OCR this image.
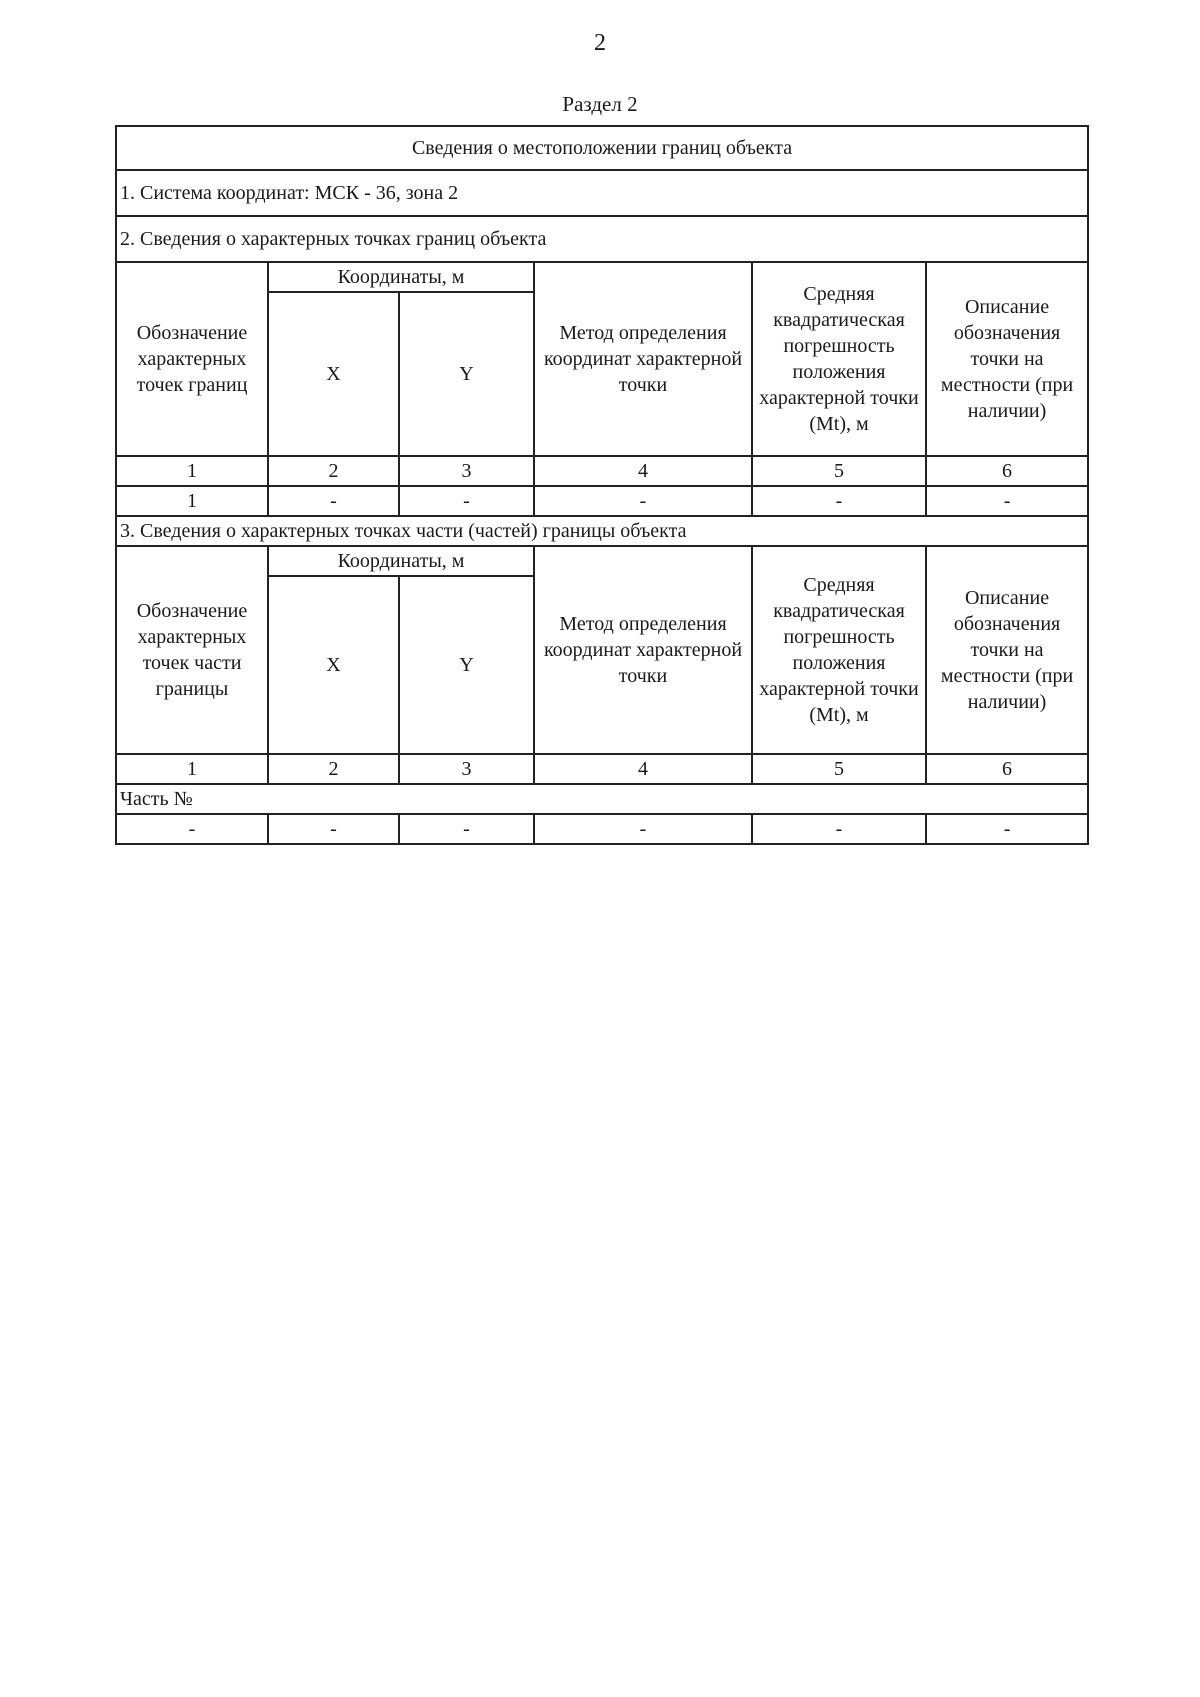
2
Раздел 2
Сведения о местоположении границ объекта					
1. Система координат: МСК - 36, зона 2					
2. Сведения о характерных точках границ объекта					
Обозначение характерных точек границ	Координаты, м		Метод определения координат характерной точки	Средняя квадратическая погрешность положения характерной точки (Mt), м	Описание обозначения точки на местности (при наличии)
	X	Y			
1	2	3	4	5	6
1	-	-	-	-	-
3. Сведения о характерных точках части (частей) границы объекта					
Обозначение характерных точек части границы	Координаты, м		Метод определения координат характерной точки	Средняя квадратическая погрешность положения характерной точки (Mt), м	Описание обозначения точки на местности (при наличии)
	X	Y			
1	2	3	4	5	6
Часть №					
-	-	-	-	-	-
